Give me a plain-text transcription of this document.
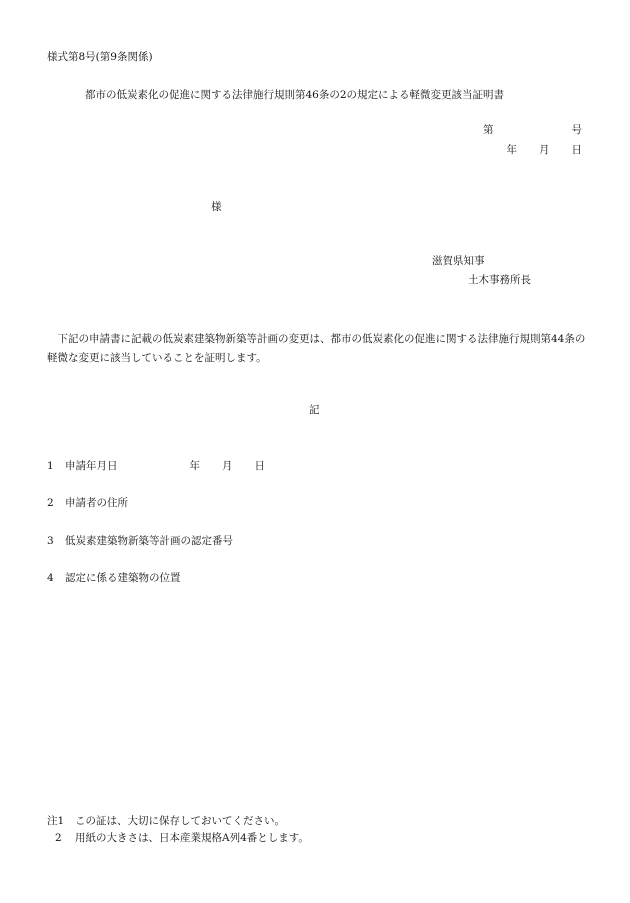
様式第8号(第9条関係)
都市の低炭素化の促進に関する法律施行規則第46条の2の規定による軽微変更該当証明書
第	号
年 月 日
様
滋賀県知事
土木事務所長
下記の申請書に記載の低炭素建築物新築等計画の変更は、都市の低炭素化の促進に関する法律施行規則第44条の軽微な変更に該当していることを証明します。
記
1 申請年月日	年 月 日
2 申請者の住所
3 低炭素建築物新築等計画の認定番号
4 認定に係る建築物の位置
注1 この証は、大切に保存しておいてください。
2 用紙の大きさは、日本産業規格A列4番とします。
